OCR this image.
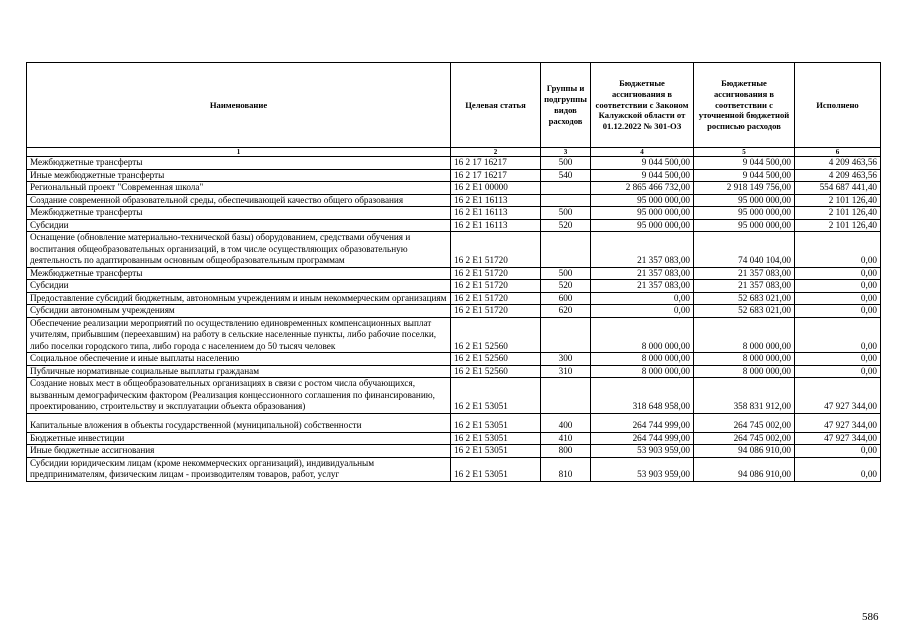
Наименование	Целевая статья	Группы и подгруппы видов расходов	Бюджетные ассигнования в соответствии с Законом Калужской области от 01.12.2022 № 301-ОЗ	Бюджетные ассигнования в соответствии с уточненной бюджетной росписью расходов	Исполнено
1	2	3	4	5	6
Межбюджетные трансферты	16 2 17 16217	500	9 044 500,00	9 044 500,00	4 209 463,56
Иные межбюджетные трансферты	16 2 17 16217	540	9 044 500,00	9 044 500,00	4 209 463,56
Региональный проект "Современная школа"	16 2 E1 00000		2 865 466 732,00	2 918 149 756,00	554 687 441,40
Создание современной образовательной среды, обеспечивающей качество общего образования	16 2 E1 16113		95 000 000,00	95 000 000,00	2 101 126,40
Межбюджетные трансферты	16 2 E1 16113	500	95 000 000,00	95 000 000,00	2 101 126,40
Субсидии	16 2 E1 16113	520	95 000 000,00	95 000 000,00	2 101 126,40
Оснащение (обновление материально-технической базы) оборудованием, средствами обучения и воспитания общеобразовательных организаций, в том числе осуществляющих образовательную деятельность по адаптированным основным общеобразовательным программам	16 2 E1 51720		21 357 083,00	74 040 104,00	0,00
Межбюджетные трансферты	16 2 E1 51720	500	21 357 083,00	21 357 083,00	0,00
Субсидии	16 2 E1 51720	520	21 357 083,00	21 357 083,00	0,00
Предоставление субсидий бюджетным, автономным учреждениям и иным некоммерческим организациям	16 2 E1 51720	600	0,00	52 683 021,00	0,00
Субсидии автономным учреждениям	16 2 E1 51720	620	0,00	52 683 021,00	0,00
Обеспечение реализации мероприятий по осуществлению единовременных компенсационных выплат учителям, прибывшим (переехавшим) на работу в сельские населенные пункты, либо рабочие поселки, либо поселки городского типа, либо города с населением до 50 тысяч человек	16 2 E1 52560		8 000 000,00	8 000 000,00	0,00
Социальное обеспечение и иные выплаты населению	16 2 E1 52560	300	8 000 000,00	8 000 000,00	0,00
Публичные нормативные социальные выплаты гражданам	16 2 E1 52560	310	8 000 000,00	8 000 000,00	0,00
Создание новых мест в общеобразовательных организациях в связи с ростом числа обучающихся, вызванным демографическим фактором (Реализация концессионного соглашения по финансированию, проектированию, строительству и эксплуатации объекта образования)	16 2 E1 53051		318 648 958,00	358 831 912,00	47 927 344,00
Капитальные вложения в объекты государственной (муниципальной) собственности	16 2 E1 53051	400	264 744 999,00	264 745 002,00	47 927 344,00
Бюджетные инвестиции	16 2 E1 53051	410	264 744 999,00	264 745 002,00	47 927 344,00
Иные бюджетные ассигнования	16 2 E1 53051	800	53 903 959,00	94 086 910,00	0,00
Субсидии юридическим лицам (кроме некоммерческих организаций), индивидуальным предпринимателям, физическим лицам - производителям товаров, работ, услуг	16 2 E1 53051	810	53 903 959,00	94 086 910,00	0,00
586
